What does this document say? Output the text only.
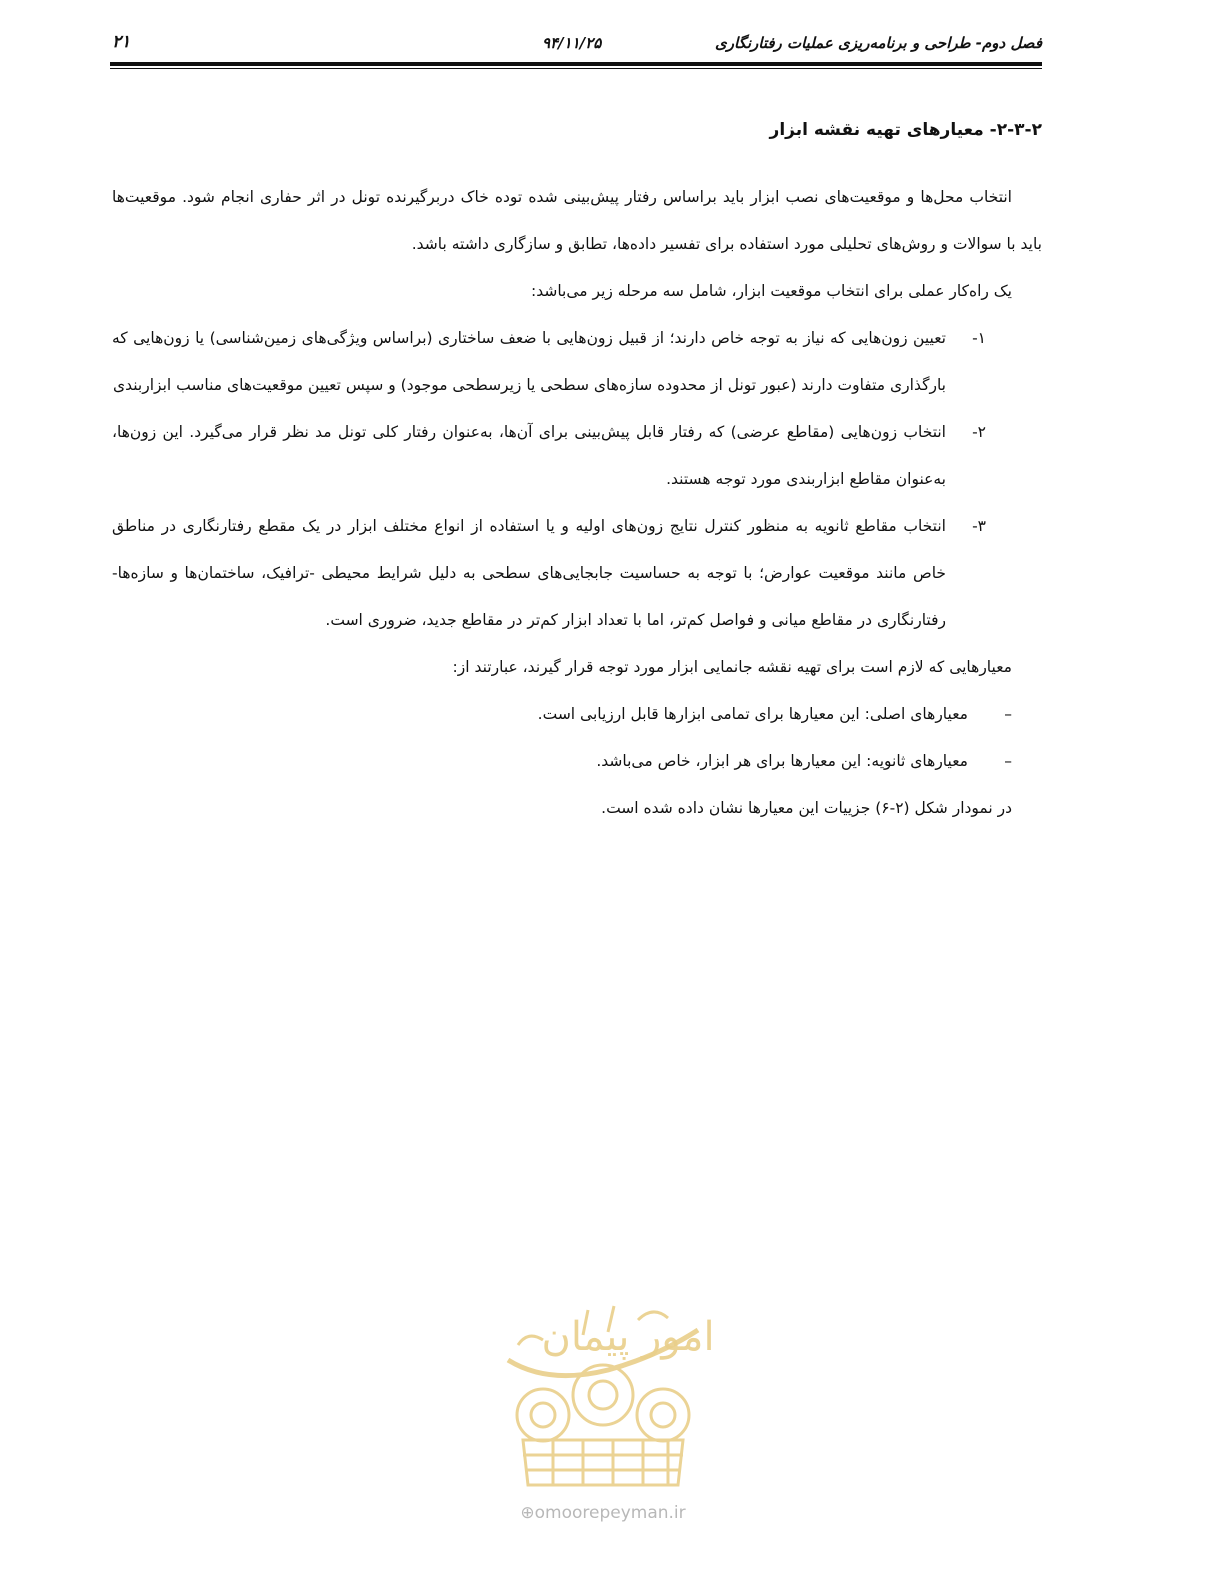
فصل دوم- طراحی و برنامه‌ریزی عملیات رفتارنگاری
۹۴/۱۱/۲۵
۲۱
۲-۳-۲- معیارهای تهیه نقشه ابزار

انتخاب محل‌ها و موقعیت‌های نصب ابزار باید براساس رفتار پیش‌بینی شده توده خاک دربرگیرنده تونل در اثر حفاری انجام شود. موقعیت‌ها باید با سوالات و روش‌های تحلیلی مورد استفاده برای تفسیر داده‌ها، تطابق و سازگاری داشته باشد.

یک راه‌کار عملی برای انتخاب موقعیت ابزار، شامل سه مرحله زیر می‌باشد:

۱-
تعیین زون‌هایی که نیاز به توجه خاص دارند؛ از قبیل زون‌هایی با ضعف ساختاری (براساس ویژگی‌های زمین‌شناسی) یا زون‌هایی که بارگذاری متفاوت دارند (عبور تونل از محدوده سازه‌های سطحی یا زیرسطحی موجود) و سپس تعیین موقعیت‌های مناسب ابزاربندی
۲-
انتخاب زون‌هایی (مقاطع عرضی) که رفتار قابل پیش‌بینی برای آن‌ها، به‌عنوان رفتار کلی تونل مد نظر قرار می‌گیرد. این زون‌ها، به‌عنوان مقاطع ابزاربندی مورد توجه هستند.
۳-
انتخاب مقاطع ثانویه به منظور کنترل نتایج زون‌های اولیه و یا استفاده از انواع مختلف ابزار در یک مقطع رفتارنگاری در مناطق خاص مانند موقعیت عوارض؛ با توجه به حساسیت جابجایی‌های سطحی به دلیل شرایط محیطی -ترافیک، ساختمان‌ها و سازه‌ها- رفتارنگاری در مقاطع میانی و فواصل کم‌تر، اما با تعداد ابزار کم‌تر در مقاطع جدید، ضروری است.

معیارهایی که لازم است برای تهیه نقشه جانمایی ابزار مورد توجه قرار گیرند، عبارتند از:

–
معیارهای اصلی: این معیارها برای تمامی ابزارها قابل ارزیابی است.
–
معیارهای ثانویه: این معیارها برای هر ابزار، خاص می‌باشد.

در نمودار شکل (۲-۶) جزییات این معیارها نشان داده شده است.

امور پیمان
⊕omoorepeyman.ir
